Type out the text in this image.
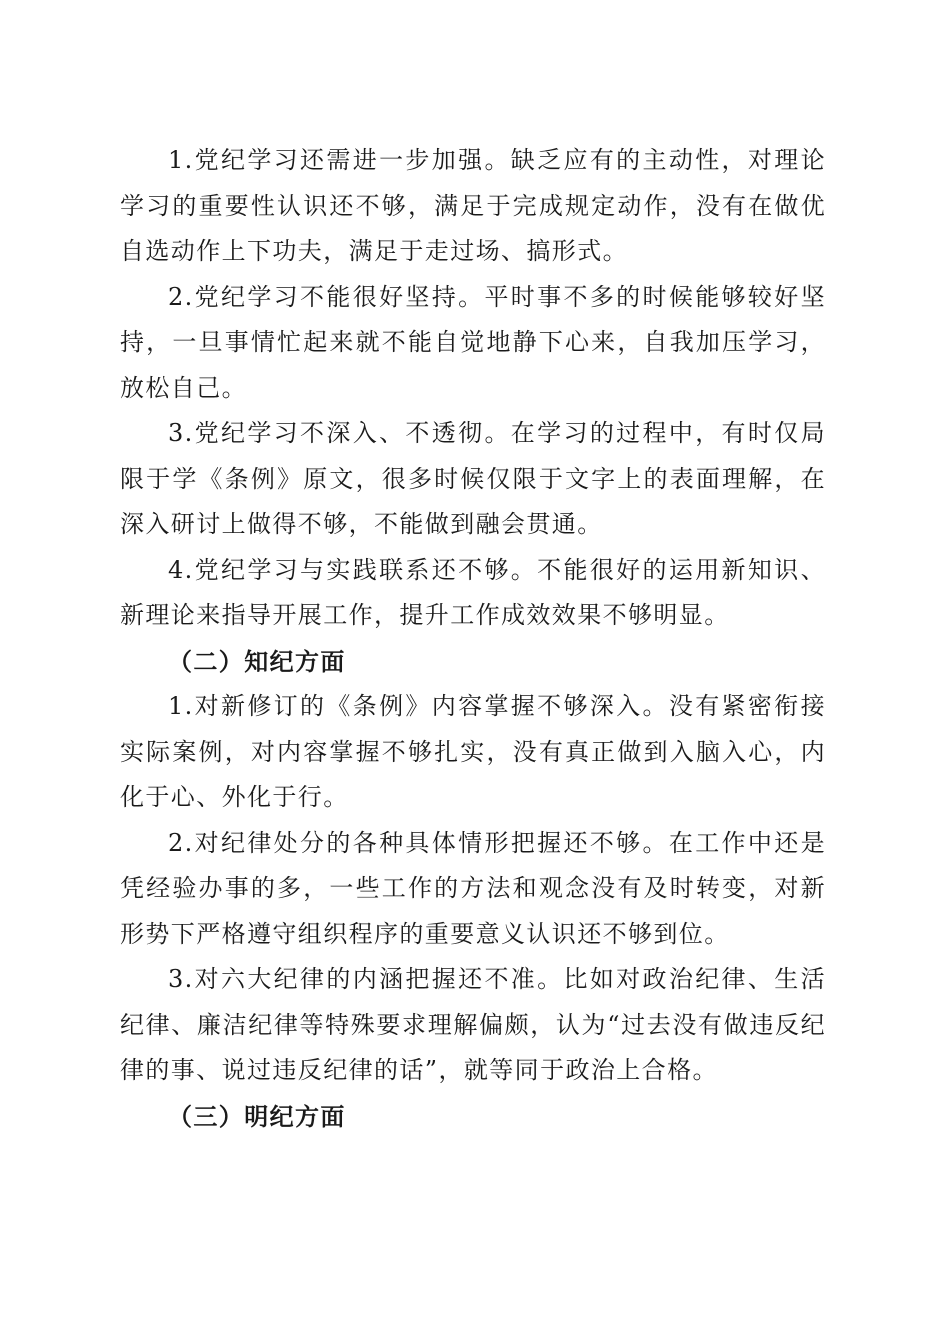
1.党纪学习还需进一步加强。缺乏应有的主动性，对理论学习的重要性认识还不够，满足于完成规定动作，没有在做优自选动作上下功夫，满足于走过场、搞形式。

2.党纪学习不能很好坚持。平时事不多的时候能够较好坚持，一旦事情忙起来就不能自觉地静下心来，自我加压学习，放松自己。

3.党纪学习不深入、不透彻。在学习的过程中，有时仅局限于学《条例》原文，很多时候仅限于文字上的表面理解，在深入研讨上做得不够，不能做到融会贯通。

4.党纪学习与实践联系还不够。不能很好的运用新知识、新理论来指导开展工作，提升工作成效效果不够明显。

（二）知纪方面

1.对新修订的《条例》内容掌握不够深入。没有紧密衔接实际案例，对内容掌握不够扎实，没有真正做到入脑入心，内化于心、外化于行。

2.对纪律处分的各种具体情形把握还不够。在工作中还是凭经验办事的多，一些工作的方法和观念没有及时转变，对新形势下严格遵守组织程序的重要意义认识还不够到位。

3.对六大纪律的内涵把握还不准。比如对政治纪律、生活纪律、廉洁纪律等特殊要求理解偏颇，认为“过去没有做违反纪律的事、说过违反纪律的话”，就等同于政治上合格。

（三）明纪方面
